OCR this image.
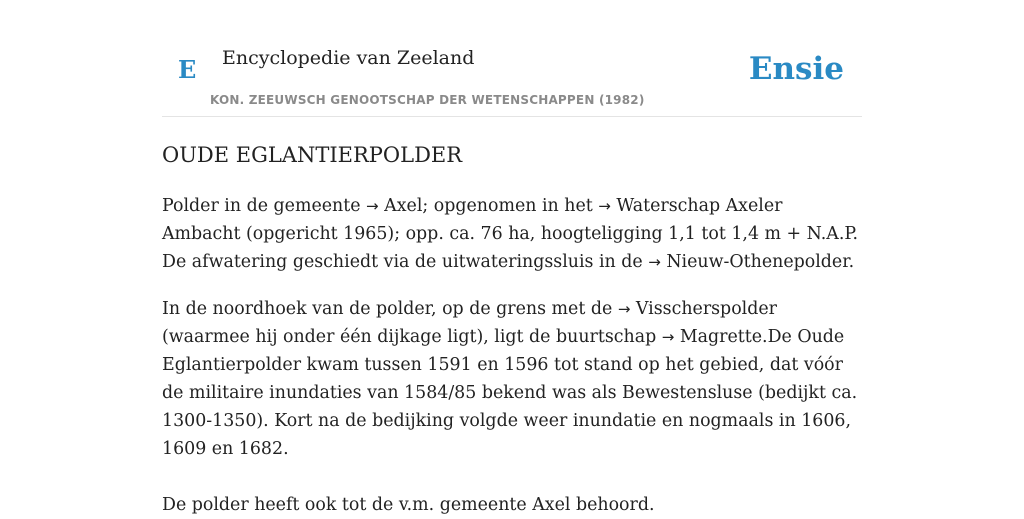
E Encyclopedie van Zeeland
KON. ZEEUWSCH GENOOTSCHAP DER WETENSCHAPPEN (1982)
Ensie
OUDE EGLANTIERPOLDER

Polder in de gemeente → Axel; opgenomen in het → Waterschap Axeler Ambacht (opgericht 1965); opp. ca. 76 ha, hoogteligging 1,1 tot 1,4 m + N.A.P. De afwatering geschiedt via de uitwateringssluis in de → Nieuw-Othenepolder.

In de noordhoek van de polder, op de grens met de → Visscherspolder (waarmee hij onder één dijkage ligt), ligt de buurtschap → Magrette.De Oude Eglantierpolder kwam tussen 1591 en 1596 tot stand op het gebied, dat vóór de militaire inundaties van 1584/85 bekend was als Bewestensluse (bedijkt ca. 1300-1350). Kort na de bedijking volgde weer inundatie en nogmaals in 1606, 1609 en 1682.

De polder heeft ook tot de v.m. gemeente Axel behoord.
